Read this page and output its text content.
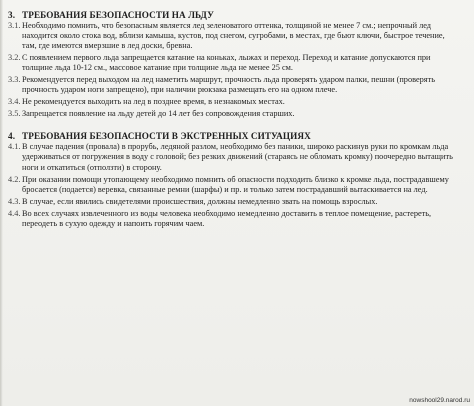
3. ТРЕБОВАНИЯ БЕЗОПАСНОСТИ НА ЛЬДУ
3.1. Необходимо помнить, что безопасным является лед зеленоватого оттенка, толщиной не менее 7 см.; непрочный лед находится около стока вод, вблизи камыша, кустов, под снегом, сугробами, в местах, где бьют ключи, быстрое течение, там, где имеются вмерзшие в лед доски, бревна.
3.2. С появлением первого льда запрещается катание на коньках, лыжах и переход. Переход и катание допускаются при толщине льда 10-12 см., массовое катание при толщине льда не менее 25 см.
3.3. Рекомендуется перед выходом на лед наметить маршрут, прочность льда проверять ударом палки, пешни (проверять прочность ударом ноги запрещено), при наличии рюкзака размещать его на одном плече.
3.4. Не рекомендуется выходить на лед в позднее время, в незнакомых местах.
3.5. Запрещается появление на льду детей до 14 лет без сопровождения старших.
4. ТРЕБОВАНИЯ БЕЗОПАСНОСТИ В ЭКСТРЕННЫХ СИТУАЦИЯХ
4.1. В случае падения (провала) в прорубь, ледяной разлом, необходимо без паники, широко раскинув руки по кромкам льда удерживаться от погружения в воду с головой; без резких движений (стараясь не обломать кромку) поочередно вытащить ноги и откатиться (отползти) в сторону.
4.2. При оказании помощи утопающему необходимо помнить об опасности подходить близко к кромке льда, пострадавшему бросается (подается) веревка, связанные ремни (шарфы) и пр. и только затем пострадавший вытаскивается на лед.
4.3. В случае, если явились свидетелями происшествия, должны немедленно звать на помощь взрослых.
4.4. Во всех случаях извлеченного из воды человека необходимо немедленно доставить в теплое помещение, растереть, переодеть в сухую одежду и напоить горячим чаем.
nowshool29.narod.ru
